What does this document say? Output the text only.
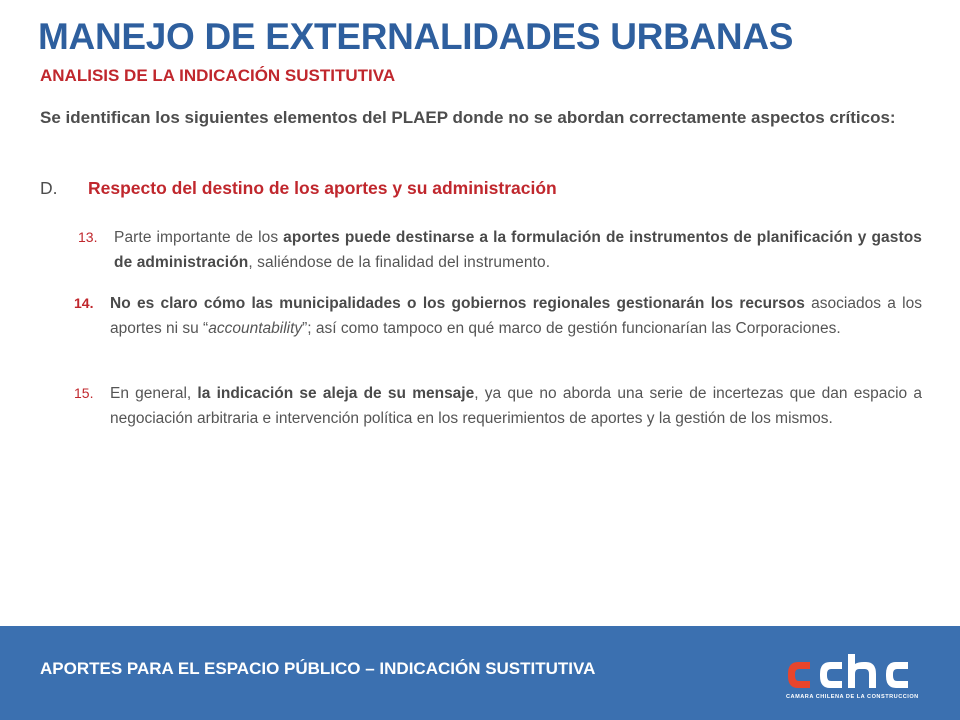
MANEJO DE EXTERNALIDADES URBANAS
ANALISIS DE LA INDICACIÓN SUSTITUTIVA
Se identifican los siguientes elementos del PLAEP donde no se abordan correctamente aspectos críticos:
D. Respecto del destino de los aportes y su administración
13. Parte importante de los aportes puede destinarse a la formulación de instrumentos de planificación y gastos de administración, saliéndose de la finalidad del instrumento.
14. No es claro cómo las municipalidades o los gobiernos regionales gestionarán los recursos asociados a los aportes ni su “accountability”; así como tampoco en qué marco de gestión funcionarían las Corporaciones.
15. En general, la indicación se aleja de su mensaje, ya que no aborda una serie de incertezas que dan espacio a negociación arbitraria e intervención política en los requerimientos de aportes y la gestión de los mismos.
APORTES PARA EL ESPACIO PÚBLICO – INDICACIÓN SUSTITUTIVA
CAMARA CHILENA DE LA CONSTRUCCION
